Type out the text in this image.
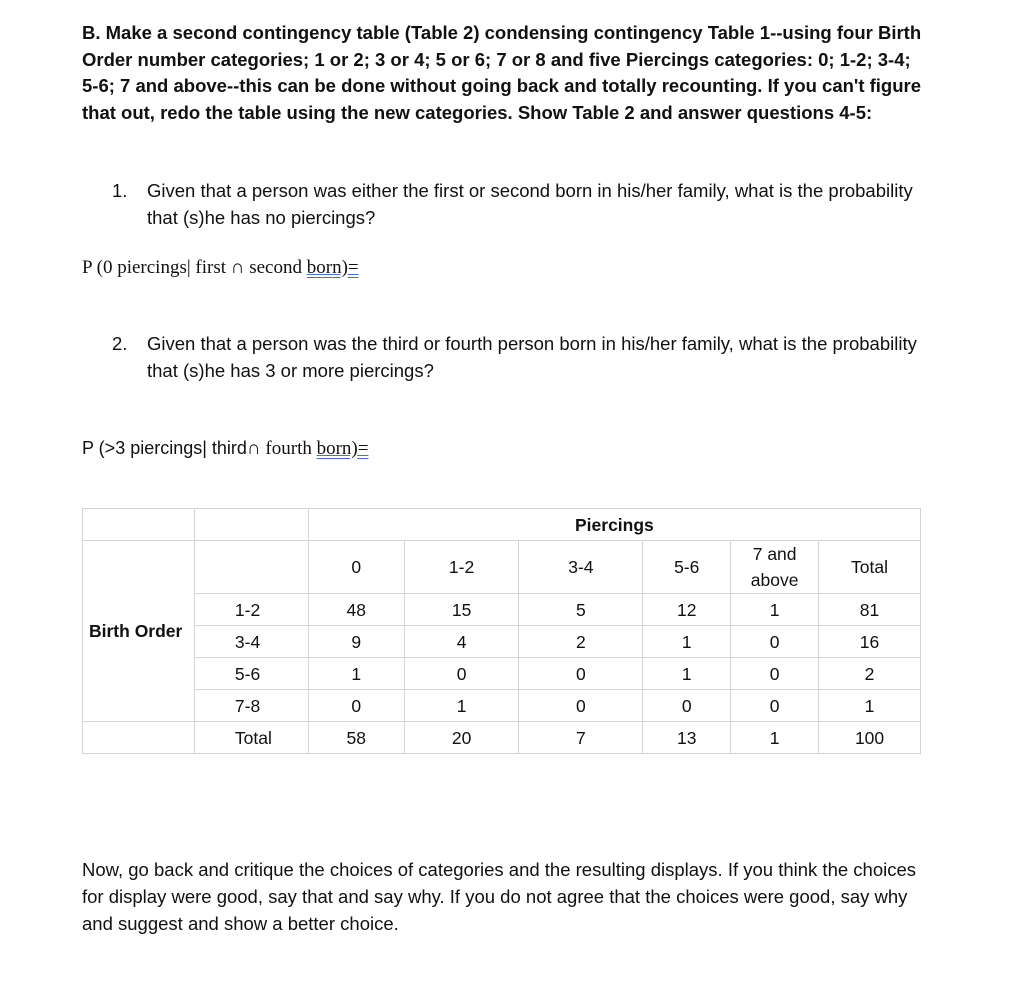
B. Make a second contingency table (Table 2) condensing contingency Table 1--using four Birth Order number categories; 1 or 2; 3 or 4; 5 or 6; 7 or 8 and five Piercings categories: 0; 1-2; 3-4; 5-6; 7 and above--this can be done without going back and totally recounting. If you can't figure that out, redo the table using the new categories. Show Table 2 and answer questions 4-5:
1. Given that a person was either the first or second born in his/her family, what is the probability that (s)he has no piercings?
P (0 piercings| first ∩ second born)=
2. Given that a person was the third or fourth person born in his/her family, what is the probability that (s)he has 3 or more piercings?
P (>3 piercings| third∩ fourth born)=
		Piercings					
Birth Order		0	1-2	3-4	5-6	7 and above	Total
	1-2	48	15	5	12	1	81
	3-4	9	4	2	1	0	16
	5-6	1	0	0	1	0	2
	7-8	0	1	0	0	0	1
	Total	58	20	7	13	1	100
Now, go back and critique the choices of categories and the resulting displays. If you think the choices for display were good, say that and say why. If you do not agree that the choices were good, say why and suggest and show a better choice.
